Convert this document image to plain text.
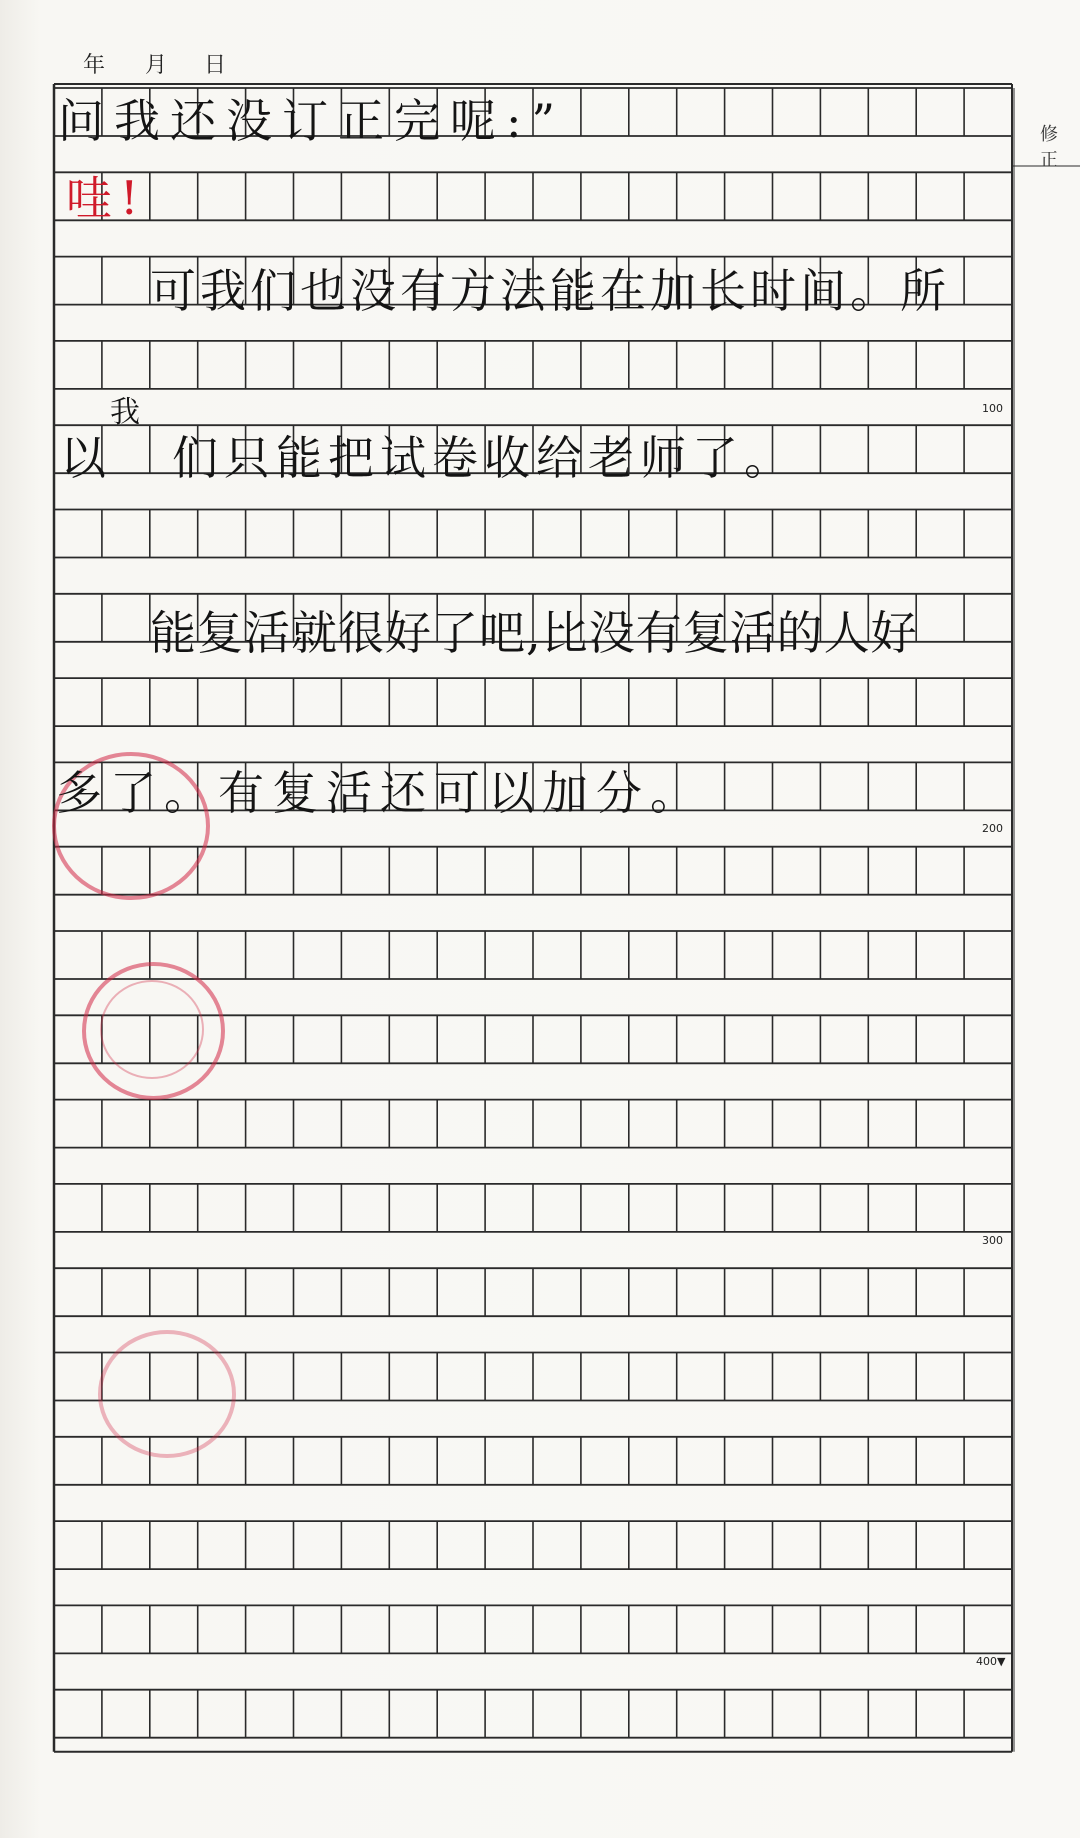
年 月 日
修正
100
200
300
400▼
问我还没订正完呢:”
哇!
可我们也没有方法能在加长时间。所
以
我
们只能把试卷收给老师了。
能复活就很好了吧,比没有复活的人好
多了。有复活还可以加分。
